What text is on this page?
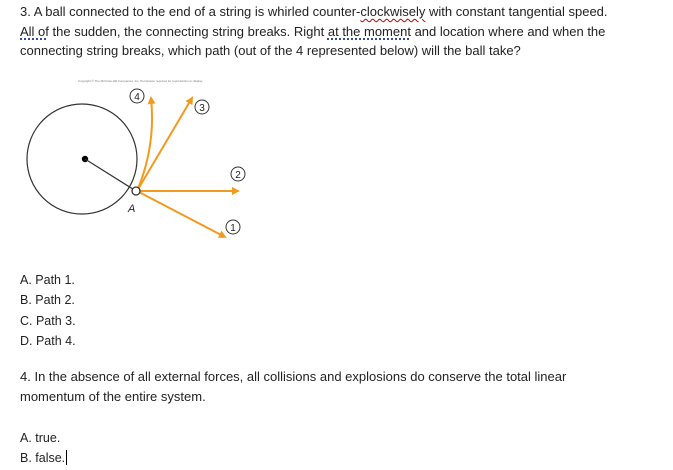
3. A ball connected to the end of a string is whirled counter-clockwisely with constant tangential speed.
All of the sudden, the connecting string breaks. Right at the moment and location where and when the
connecting string breaks, which path (out of the 4 represented below) will the ball take?

Copyright © The McGraw-Hill Companies, Inc. Permission required for reproduction or display.
A
1
2
3
4

A. Path 1.

B. Path 2.

C. Path 3.

D. Path 4.

4. In the absence of all external forces, all collisions and explosions do conserve the total linear
momentum of the entire system.

A. true.

B. false.
